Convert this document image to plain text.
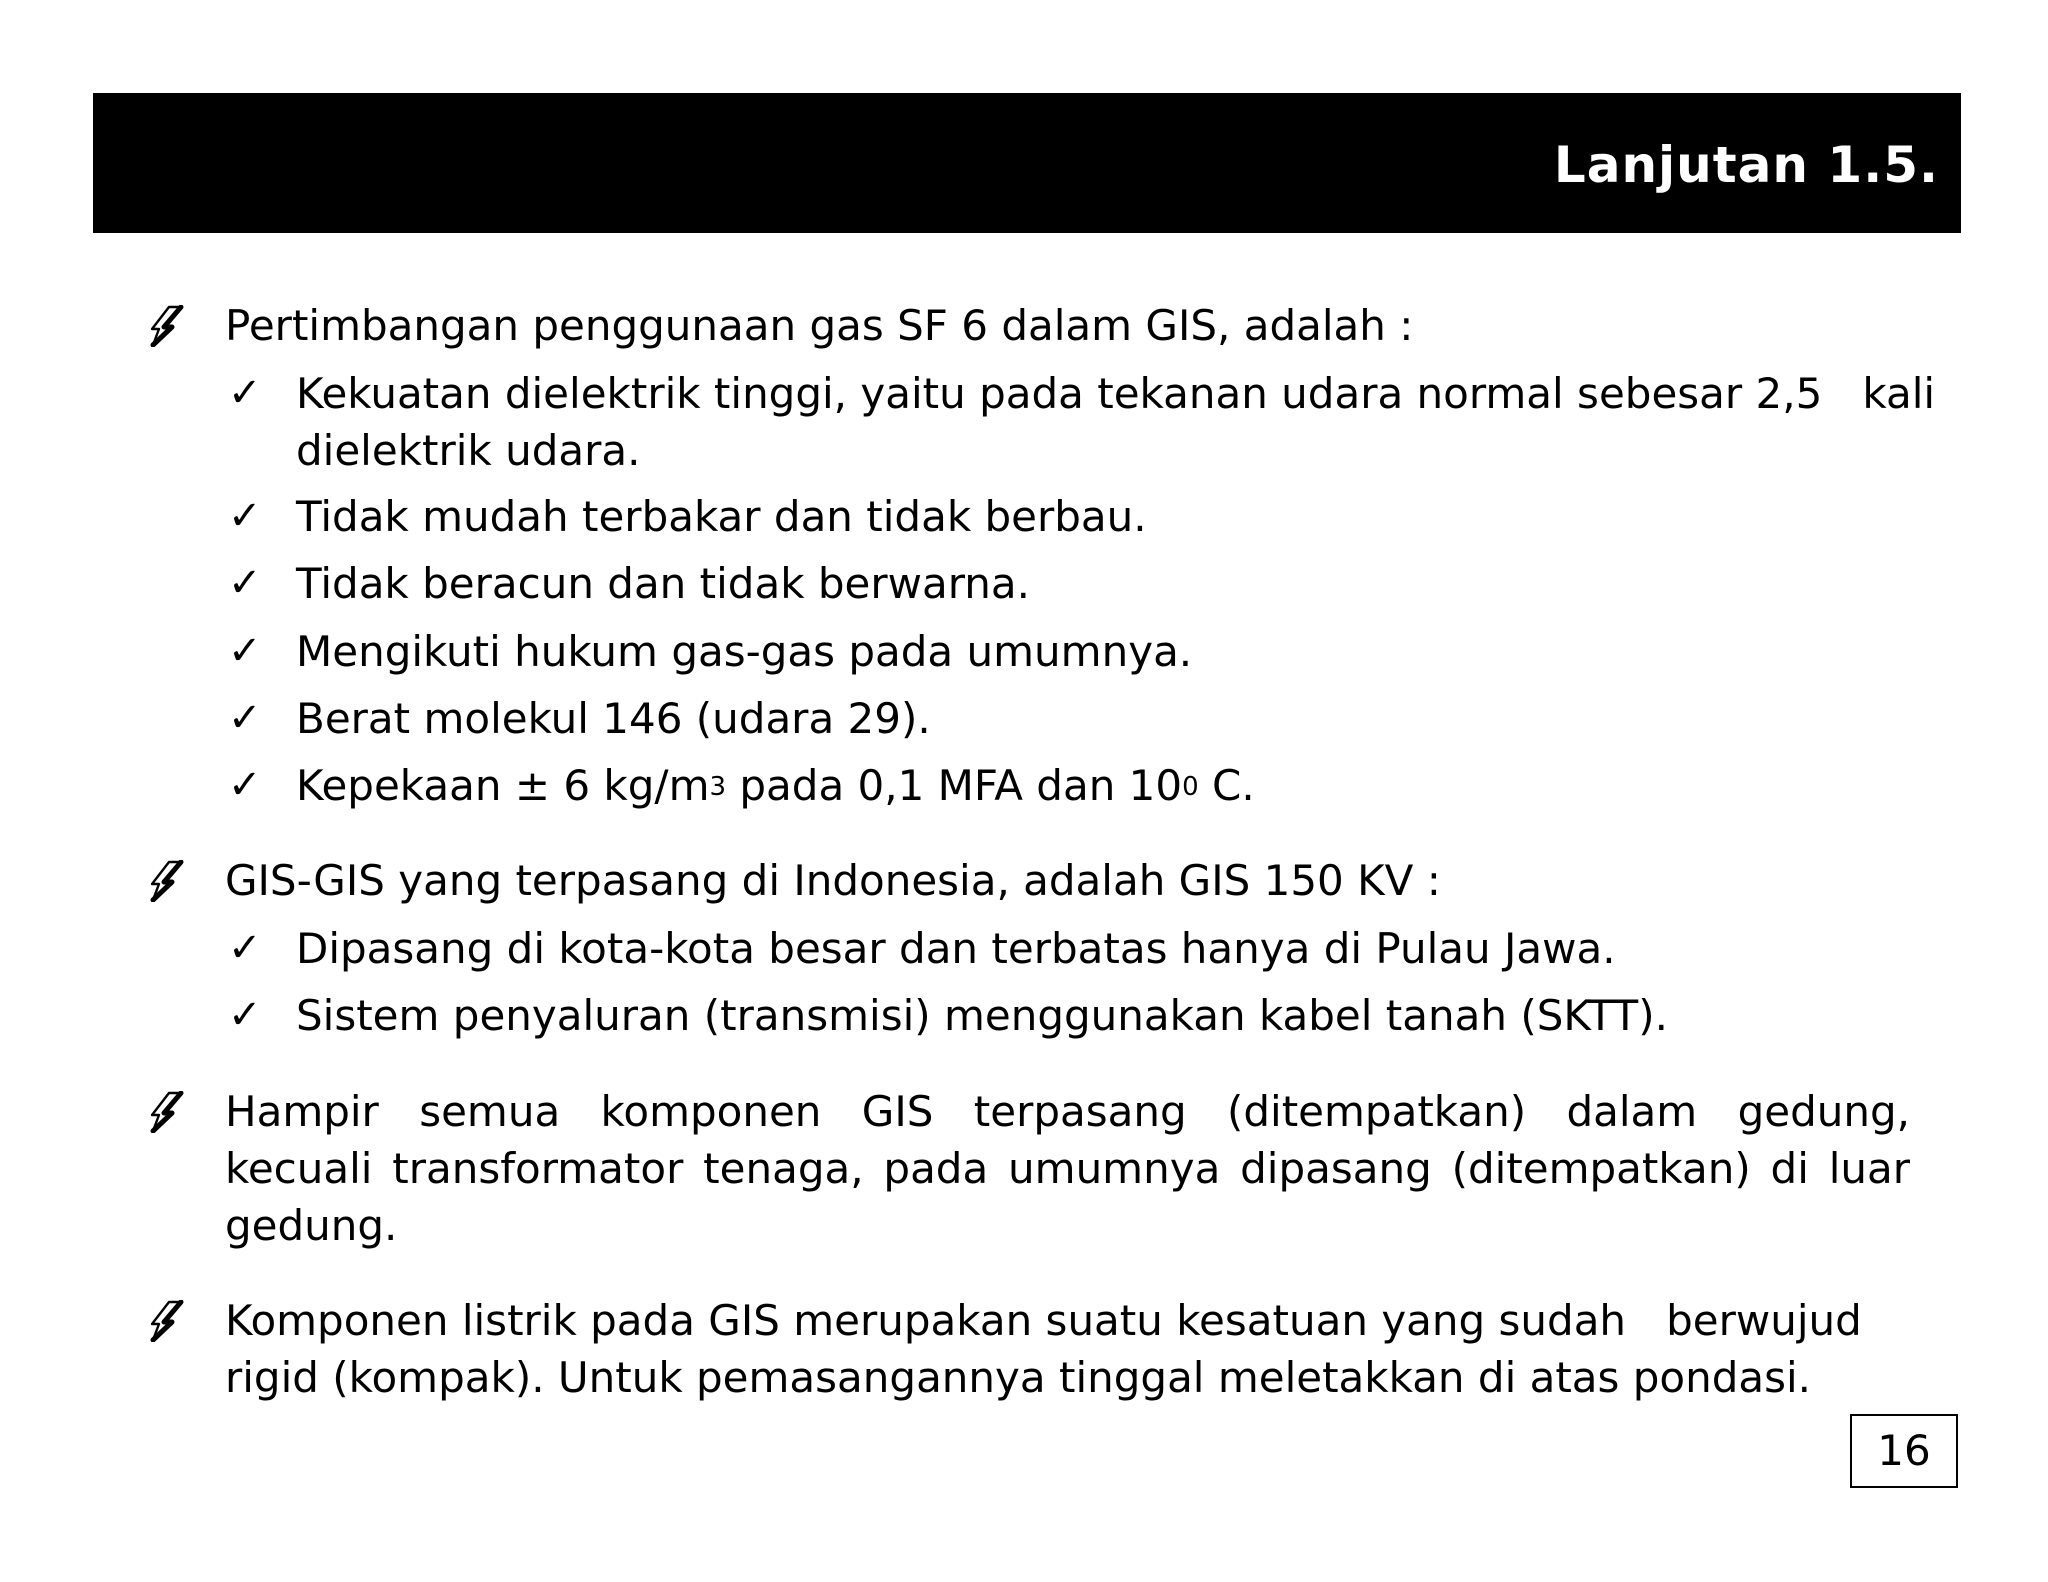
Lanjutan 1.5.
Pertimbangan penggunaan gas SF 6 dalam GIS, adalah :
✓ Kekuatan dielektrik tinggi, yaitu pada tekanan udara normal sebesar 2,5   kali
dielektrik udara.
✓ Tidak mudah terbakar dan tidak berbau.
✓ Tidak beracun dan tidak berwarna.
✓ Mengikuti hukum gas-gas pada umumnya.
✓ Berat molekul 146 (udara 29).
✓ Kepekaan ± 6 $kg/m^3$ pada 0,1 MFA dan $10^0$ C.
GIS-GIS yang terpasang di Indonesia, adalah GIS 150 KV :
✓ Dipasang di kota-kota besar dan terbatas hanya di Pulau Jawa.
✓ Sistem penyaluran (transmisi) menggunakan kabel tanah (SKTT).
Hampir semua komponen GIS terpasang (ditempatkan) dalam gedung,
kecuali transformator tenaga, pada umumnya dipasang (ditempatkan) di luar
gedung.
Komponen listrik pada GIS merupakan suatu kesatuan yang sudah   berwujud
rigid (kompak). Untuk pemasangannya tinggal meletakkan di atas pondasi.
16
